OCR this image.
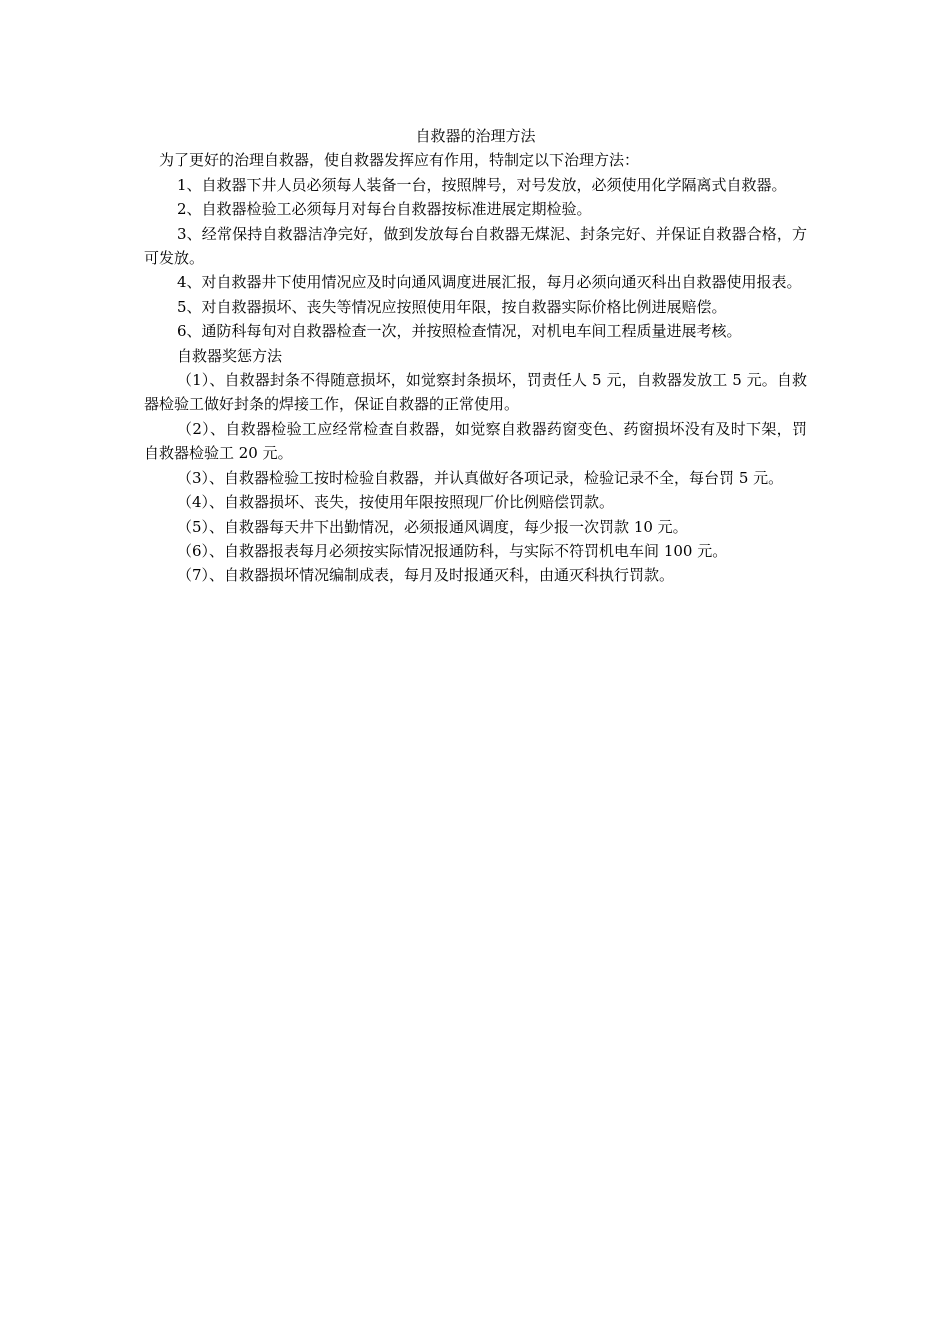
自救器的治理方法

为了更好的治理自救器，使自救器发挥应有作用，特制定以下治理方法：

1、自救器下井人员必须每人装备一台，按照牌号，对号发放，必须使用化学隔离式自救器。

2、自救器检验工必须每月对每台自救器按标准进展定期检验。

3、经常保持自救器洁净完好，做到发放每台自救器无煤泥、封条完好、并保证自救器合格，方可发放。

4、对自救器井下使用情况应及时向通风调度进展汇报，每月必须向通灭科出自救器使用报表。

5、对自救器损坏、丧失等情况应按照使用年限，按自救器实际价格比例进展赔偿。

6、通防科每旬对自救器检查一次，并按照检查情况，对机电车间工程质量进展考核。

自救器奖惩方法

（1）、自救器封条不得随意损坏，如觉察封条损坏，罚责任人 5 元，自救器发放工 5 元。自救器检验工做好封条的焊接工作，保证自救器的正常使用。

（2）、自救器检验工应经常检查自救器，如觉察自救器药窗变色、药窗损坏没有及时下架，罚自救器检验工 20 元。

（3）、自救器检验工按时检验自救器，并认真做好各项记录，检验记录不全，每台罚 5 元。

（4）、自救器损坏、丧失，按使用年限按照现厂价比例赔偿罚款。

（5）、自救器每天井下出勤情况，必须报通风调度，每少报一次罚款 10 元。

（6）、自救器报表每月必须按实际情况报通防科，与实际不符罚机电车间 100 元。

（7）、自救器损坏情况编制成表，每月及时报通灭科，由通灭科执行罚款。
